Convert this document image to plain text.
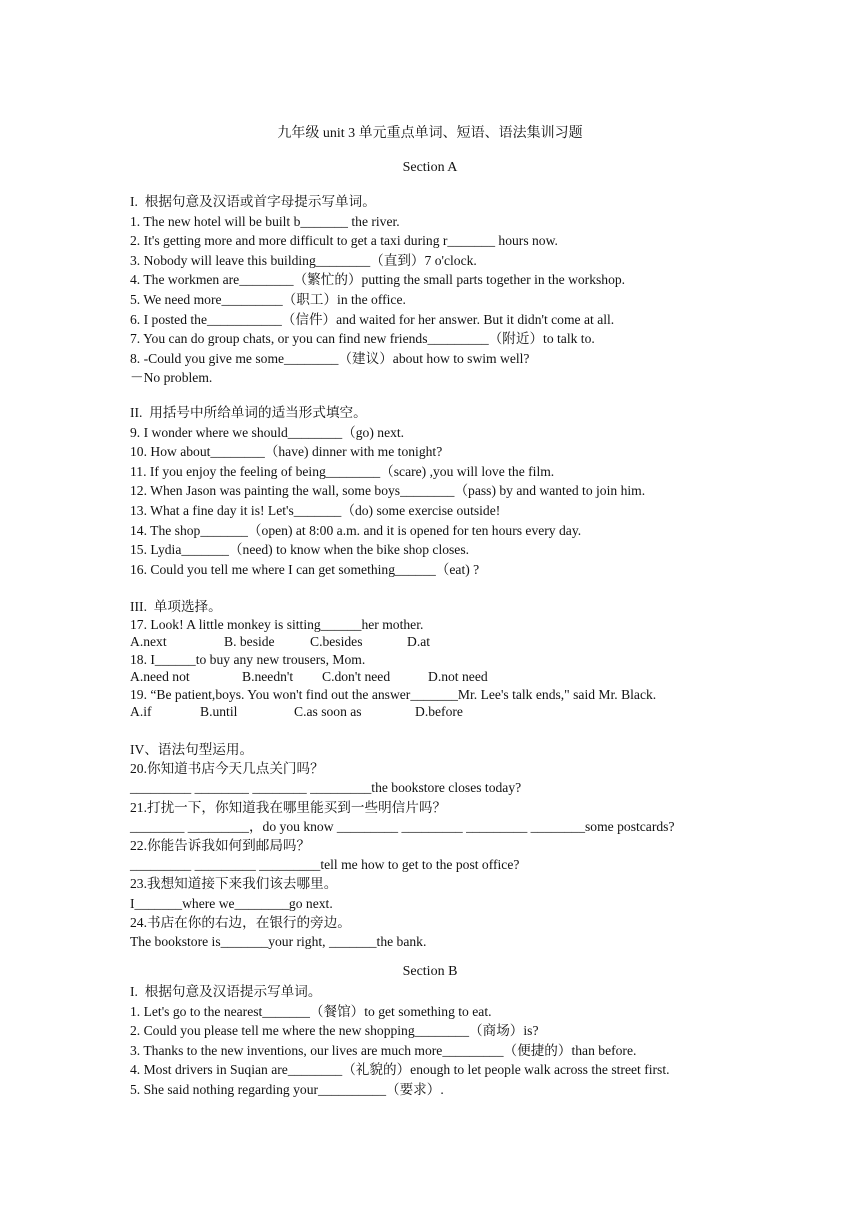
九年级 unit 3 单元重点单词、短语、语法集训习题
Section A
I.  根据句意及汉语或首字母提示写单词。
1. The new hotel will be built b_______ the river.
2. It's getting more and more difficult to get a taxi during r_______ hours now.
3. Nobody will leave this building________（直到）7 o'clock.
4. The workmen are________（繁忙的）putting the small parts together in the workshop.
5. We need more_________（职工）in the office.
6. I posted the___________（信件）and waited for her answer. But it didn't come at all.
7. You can do group chats, or you can find new friends_________（附近）to talk to.
8. -Could you give me some________（建议）about how to swim well?
－No problem.
II.  用括号中所给单词的适当形式填空。
9. I wonder where we should________（go) next.
10. How about________（have) dinner with me tonight?
11. If you enjoy the feeling of being________（scare) ,you will love the film.
12. When Jason was painting the wall, some boys________（pass) by and wanted to join him.
13. What a fine day it is! Let's_______（do) some exercise outside!
14. The shop_______（open) at 8:00 a.m. and it is opened for ten hours every day.
15. Lydia_______（need) to know when the bike shop closes.
16. Could you tell me where I can get something______（eat) ?
III.  单项选择。
17. Look! A little monkey is sitting______her mother.
A.next	B. beside	C.besides	D.at
18. I______to buy any new trousers, Mom.
A.need not	B.needn't C.don't need	D.not need
19. “Be patient,boys. You won't find out the answer_______Mr. Lee's talk ends," said Mr. Black.
A.if	B.until	C.as soon as	D.before
IV、语法句型运用。
20.你知道书店今天几点关门吗？
_________ ________ ________ _________the bookstore closes today?
21.打扰一下，你知道我在哪里能买到一些明信片吗？
________ _________，do you know _________ _________ _________ ________some postcards?
22.你能告诉我如何到邮局吗？
_________ _________ _________tell me how to get to the post office?
23.我想知道接下来我们该去哪里。
I_______where we________go next.
24.书店在你的右边，在银行的旁边。
The bookstore is_______your right, _______the bank.
Section B
I.  根据句意及汉语提示写单词。
1. Let's go to the nearest_______（餐馆）to get something to eat.
2. Could you please tell me where the new shopping________（商场）is?
3. Thanks to the new inventions, our lives are much more_________（便捷的）than before.
4. Most drivers in Suqian are________（礼貌的）enough to let people walk across the street first.
5. She said nothing regarding your__________（要求）.
